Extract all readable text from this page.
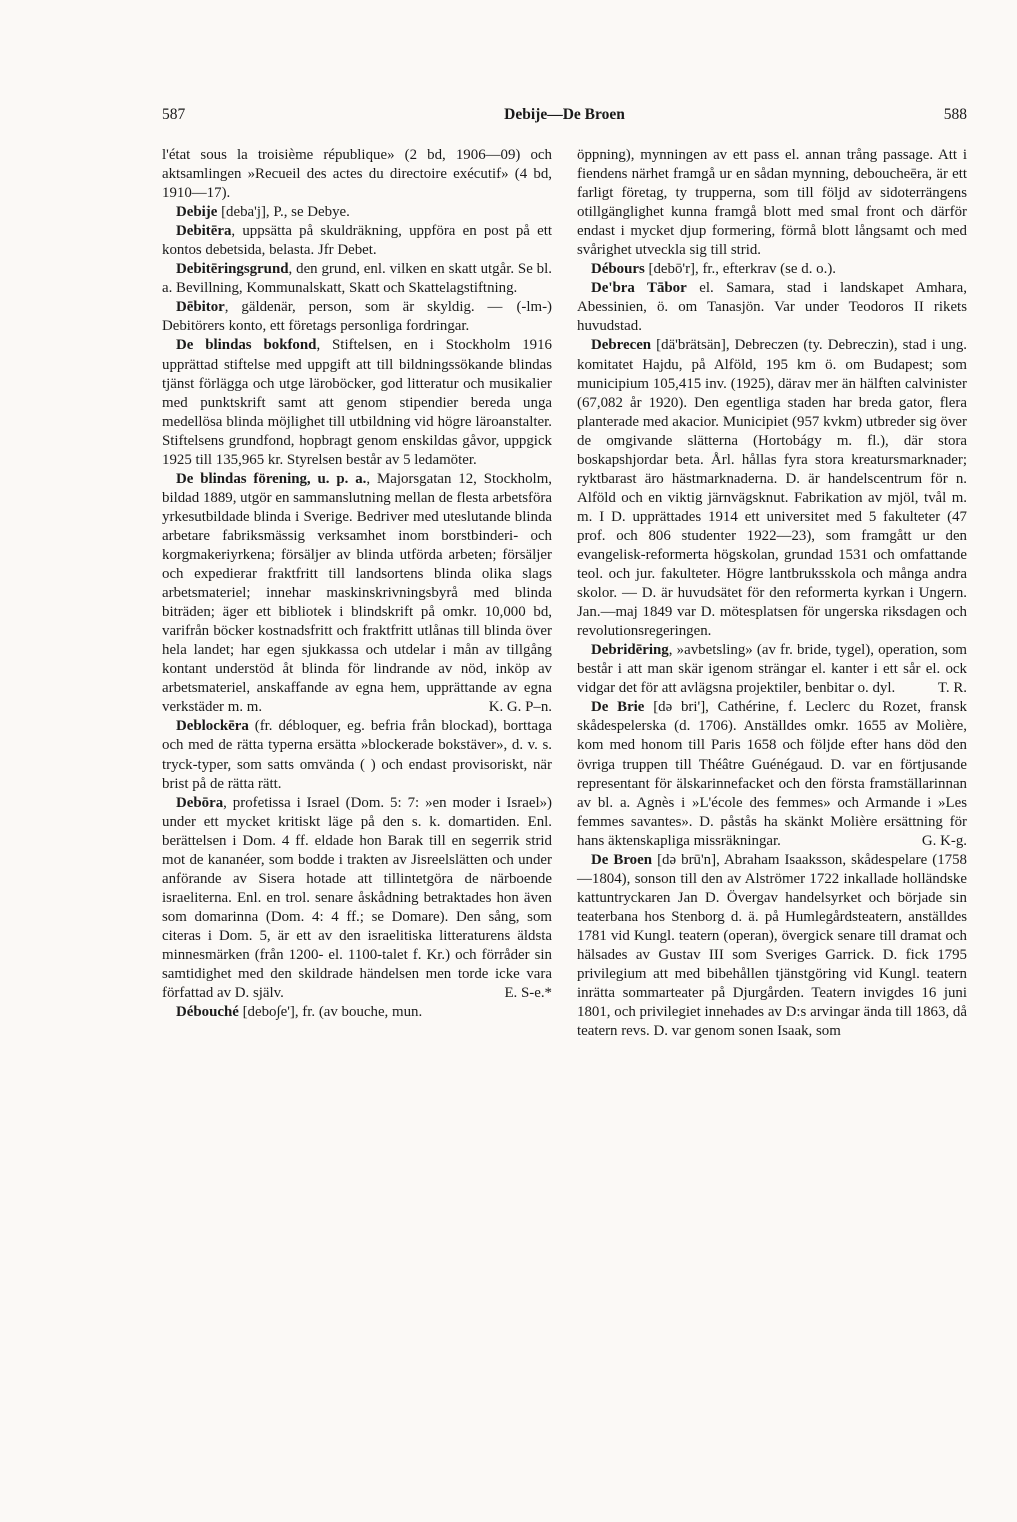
587	Debije—De Broen	588

l'état sous la troisième république» (2 bd, 1906—09) och aktsamlingen »Recueil des actes du directoire exécutif» (4 bd, 1910—17).

Debije [deba'j], P., se Debye.

Debitēra, uppsätta på skuldräkning, uppföra en post på ett kontos debetsida, belasta. Jfr Debet.

Debitēringsgrund, den grund, enl. vilken en skatt utgår. Se bl. a. Bevillning, Kommunalskatt, Skatt och Skattelagstiftning.
(-lm-)

Dēbitor, gäldenär, person, som är skyldig. — Debitörers konto, ett företags personliga fordringar.

De blindas bokfond, Stiftelsen, en i Stockholm 1916 upprättad stiftelse med uppgift att till bildningssökande blindas tjänst förlägga och utge läroböcker, god litteratur och musikalier med punktskrift samt att genom stipendier bereda unga medellösa blinda möjlighet till utbildning vid högre läroanstalter. Stiftelsens grundfond, hopbragt genom enskildas gåvor, uppgick 1925 till 135,965 kr. Styrelsen består av 5 ledamöter.

De blindas förening, u. p. a., Majorsgatan 12, Stockholm, bildad 1889, utgör en sammanslutning mellan de flesta arbetsföra yrkesutbildade blinda i Sverige. Bedriver med uteslutande blinda arbetare fabriksmässig verksamhet inom borstbinderi- och korgmakeriyrkena; försäljer av blinda utförda arbeten; försäljer och expedierar fraktfritt till landsortens blinda olika slags arbetsmateriel; innehar maskinskrivningsbyrå med blinda biträden; äger ett bibliotek i blindskrift på omkr. 10,000 bd, varifrån böcker kostnadsfritt och fraktfritt utlånas till blinda över hela landet; har egen sjukkassa och utdelar i mån av tillgång kontant understöd åt blinda för lindrande av nöd, inköp av arbetsmateriel, anskaffande av egna hem, upprättande av egna verkstäder m. m.	K. G. P–n.

Deblockēra (fr. débloquer, eg. befria från blockad), borttaga och med de rätta typerna ersätta »blockerade bokstäver», d. v. s. tryck-typer, som satts omvända ( ) och endast provisoriskt, när brist på de rätta rätt.

Debōra, profetissa i Israel (Dom. 5: 7: »en moder i Israel») under ett mycket kritiskt läge på den s. k. domartiden. Enl. berättelsen i Dom. 4 ff. eldade hon Barak till en segerrik strid mot de kananéer, som bodde i trakten av Jisreelslätten och under anförande av Sisera hotade att tillintetgöra de närboende israeliterna. Enl. en trol. senare åskådning betraktades hon även som domarinna (Dom. 4: 4 ff.; se Domare). Den sång, som citeras i Dom. 5, är ett av den israelitiska litteraturens äldsta minnesmärken (från 1200- el. 1100-talet f. Kr.) och förråder sin samtidighet med den skildrade händelsen men torde icke vara författad av D. själv.	E. S-e.*

Débouché [debo∫e'], fr. (av bouche, mun.

öppning), mynningen av ett pass el. annan trång passage. Att i fiendens närhet framgå ur en sådan mynning, deboucheēra, är ett farligt företag, ty trupperna, som till följd av sidoterrängens otillgänglighet kunna framgå blott med smal front och därför endast i mycket djup formering, förmå blott långsamt och med svårighet utveckla sig till strid.

Débours [debō'r], fr., efterkrav (se d. o.).

De'bra Tābor el. Samara, stad i landskapet Amhara, Abessinien, ö. om Tanasjön. Var under Teodoros II rikets huvudstad.

Debrecen [dä'brätsän], Debreczen (ty. Debreczin), stad i ung. komitatet Hajdu, på Alföld, 195 km ö. om Budapest; som municipium 105,415 inv. (1925), därav mer än hälften calvinister (67,082 år 1920). Den egentliga staden har breda gator, flera planterade med akacior. Municipiet (957 kvkm) utbreder sig över de omgivande slätterna (Hortobágy m. fl.), där stora boskapshjordar beta. Årl. hållas fyra stora kreatursmarknader; ryktbarast äro hästmarknaderna. D. är handelscentrum för n. Alföld och en viktig järnvägsknut. Fabrikation av mjöl, tvål m. m. I D. upprättades 1914 ett universitet med 5 fakulteter (47 prof. och 806 studenter 1922—23), som framgått ur den evangelisk-reformerta högskolan, grundad 1531 och omfattande teol. och jur. fakulteter. Högre lantbruksskola och många andra skolor. — D. är huvudsätet för den reformerta kyrkan i Ungern. Jan.—maj 1849 var D. mötesplatsen för ungerska riksdagen och revolutionsregeringen.

Debridēring, »avbetsling» (av fr. bride, tygel), operation, som består i att man skär igenom strängar el. kanter i ett sår el. ock vidgar det för att avlägsna projektiler, benbitar o. dyl.	T. R.

De Brie [də bri'], Cathérine, f. Leclerc du Rozet, fransk skådespelerska (d. 1706). Anställdes omkr. 1655 av Molière, kom med honom till Paris 1658 och följde efter hans död den övriga truppen till Théâtre Guénégaud. D. var en förtjusande representant för älskarinnefacket och den första framställarinnan av bl. a. Agnès i »L'école des femmes» och Armande i »Les femmes savantes». D. påstås ha skänkt Molière ersättning för hans äktenskapliga missräkningar.	G. K-g.

De Broen [də brū'n], Abraham Isaaksson, skådespelare (1758—1804), sonson till den av Alströmer 1722 inkallade holländske kattuntryckaren Jan D. Övergav handelsyrket och började sin teaterbana hos Stenborg d. ä. på Humlegårdsteatern, anställdes 1781 vid Kungl. teatern (operan), övergick senare till dramat och hälsades av Gustav III som Sveriges Garrick. D. fick 1795 privilegium att med bibehållen tjänstgöring vid Kungl. teatern inrätta sommarteater på Djurgården. Teatern invigdes 16 juni 1801, och privilegiet innehades av D:s arvingar ända till 1863, då teatern revs. D. var genom sonen Isaak, som
